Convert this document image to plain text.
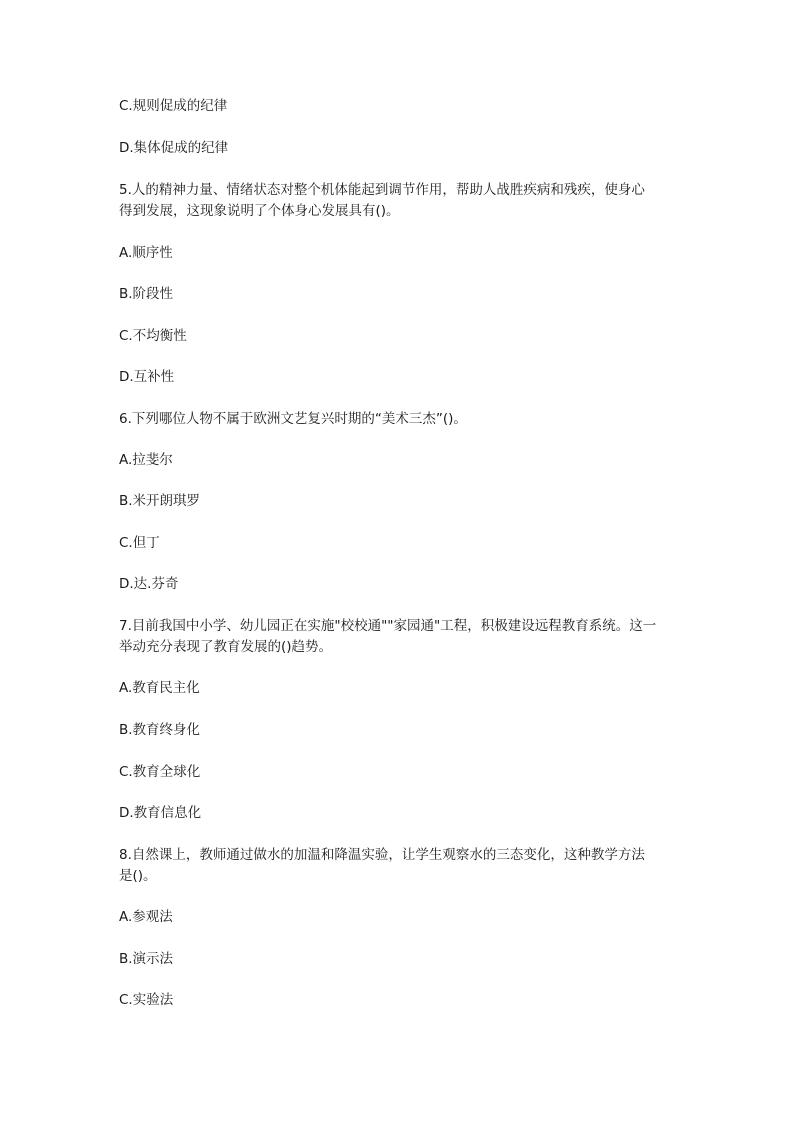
C.规则促成的纪律
D.集体促成的纪律
5.人的精神力量、情绪状态对整个机体能起到调节作用，帮助人战胜疾病和残疾，使身心
得到发展，这现象说明了个体身心发展具有()。
A.顺序性
B.阶段性
C.不均衡性
D.互补性
6.下列哪位人物不属于欧洲文艺复兴时期的“美术三杰”()。
A.拉斐尔
B.米开朗琪罗
C.但丁
D.达.芬奇
7.目前我国中小学、幼儿园正在实施"校校通""家园通"工程，积极建设远程教育系统。这一
举动充分表现了教育发展的()趋势。
A.教育民主化
B.教育终身化
C.教育全球化
D.教育信息化
8.自然课上，教师通过做水的加温和降温实验，让学生观察水的三态变化，这种教学方法
是()。
A.参观法
B.演示法
C.实验法
